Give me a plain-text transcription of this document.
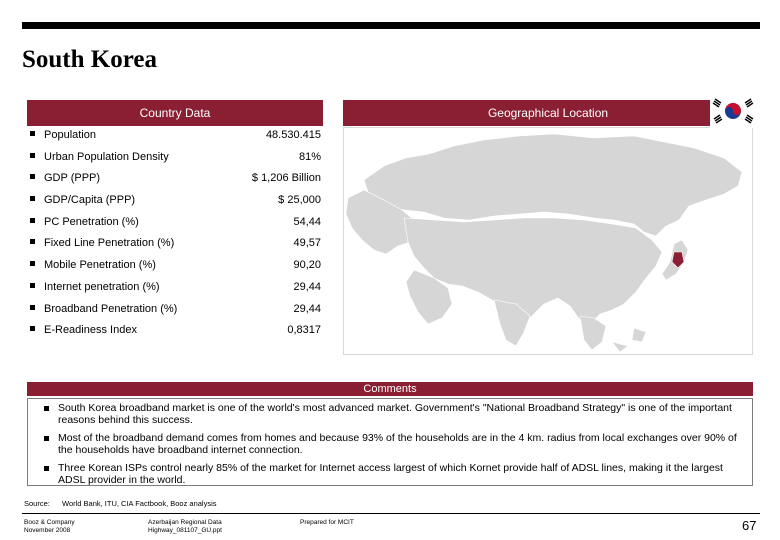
South Korea
Country Data	Geographical Location
Population	48.530.415
Urban Population Density	81%
GDP (PPP)	$ 1,206 Billion
GDP/Capita (PPP)	$ 25,000
PC Penetration (%)	54,44
Fixed Line Penetration (%)	49,57
Mobile Penetration (%)	90,20
Internet penetration (%)	29,44
Broadband Penetration (%)	29,44
E-Readiness Index	0,8317
Comments
South Korea broadband market is one of the world's most advanced market. Government's "National Broadband Strategy" is one of the important reasons behind this success.
Most of the broadband demand comes from homes and because 93% of the households are in the 4 km. radius from local exchanges over 90% of the households have broadband internet connection.
Three Korean ISPs control nearly 85% of the market for Internet access largest of which Kornet provide half of ADSL lines, making it the largest ADSL provider in the world.
Source: World Bank, ITU, CIA Factbook, Booz analysis
Booz & Company
November 2008
Azerbaijan Regional Data
Highway_081107_GU.ppt
Prepared for MCIT	67
